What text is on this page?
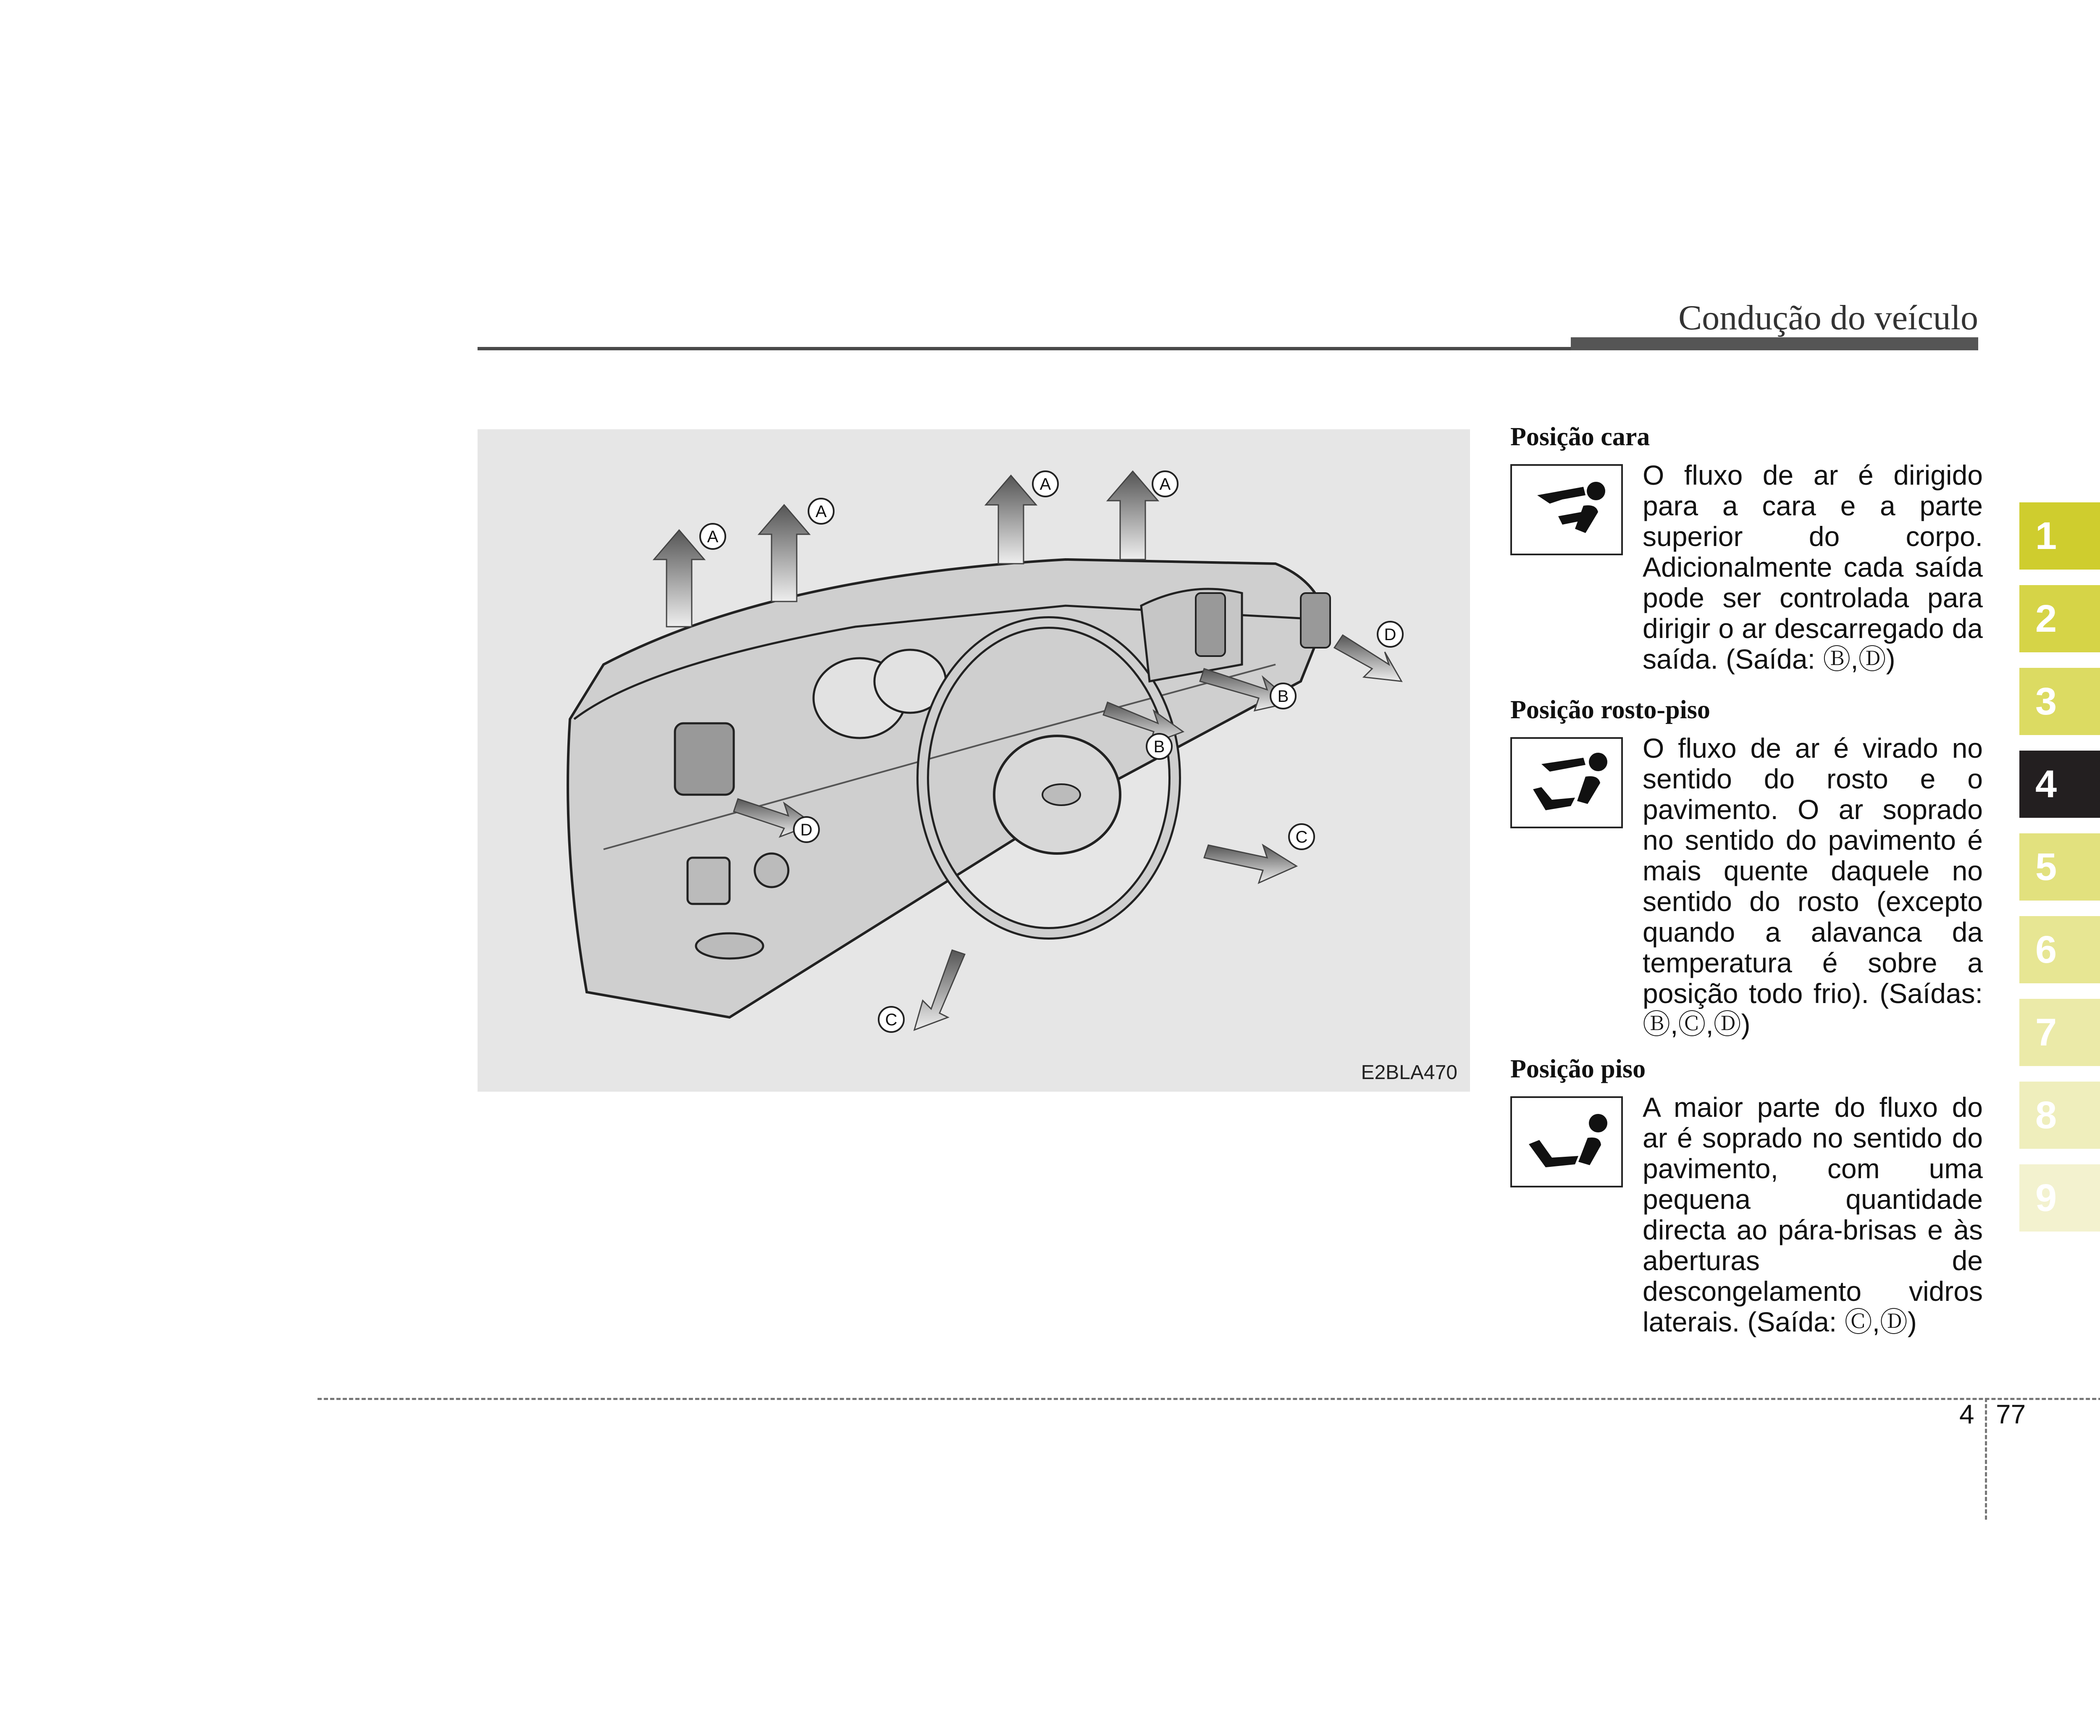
Condução do veículo
A
A
A	A
B
B
C
C
D
D
E2BLA470
Posição cara
O fluxo de ar é dirigido para a cara e a parte superior do corpo. Adicionalmente cada saída pode ser controlada para dirigir o ar descarregado da saída. (Saída: Ⓑ,Ⓓ)
Posição rosto-piso
O fluxo de ar é virado no sentido do rosto e o pavimento. O ar soprado no sentido do pavimento é mais quente daquele no sentido do rosto (excepto quando a alavanca da temperatura é sobre a posição todo frio). (Saídas: Ⓑ,Ⓒ,Ⓓ)
Posição piso
A maior parte do fluxo do ar é soprado no sentido do pavimento, com uma pequena quantidade directa ao pára-brisas e às aberturas de descongelamento vidros laterais. (Saída: Ⓒ,Ⓓ)
1
2
3
4
5
6
7
8
9
4 77
